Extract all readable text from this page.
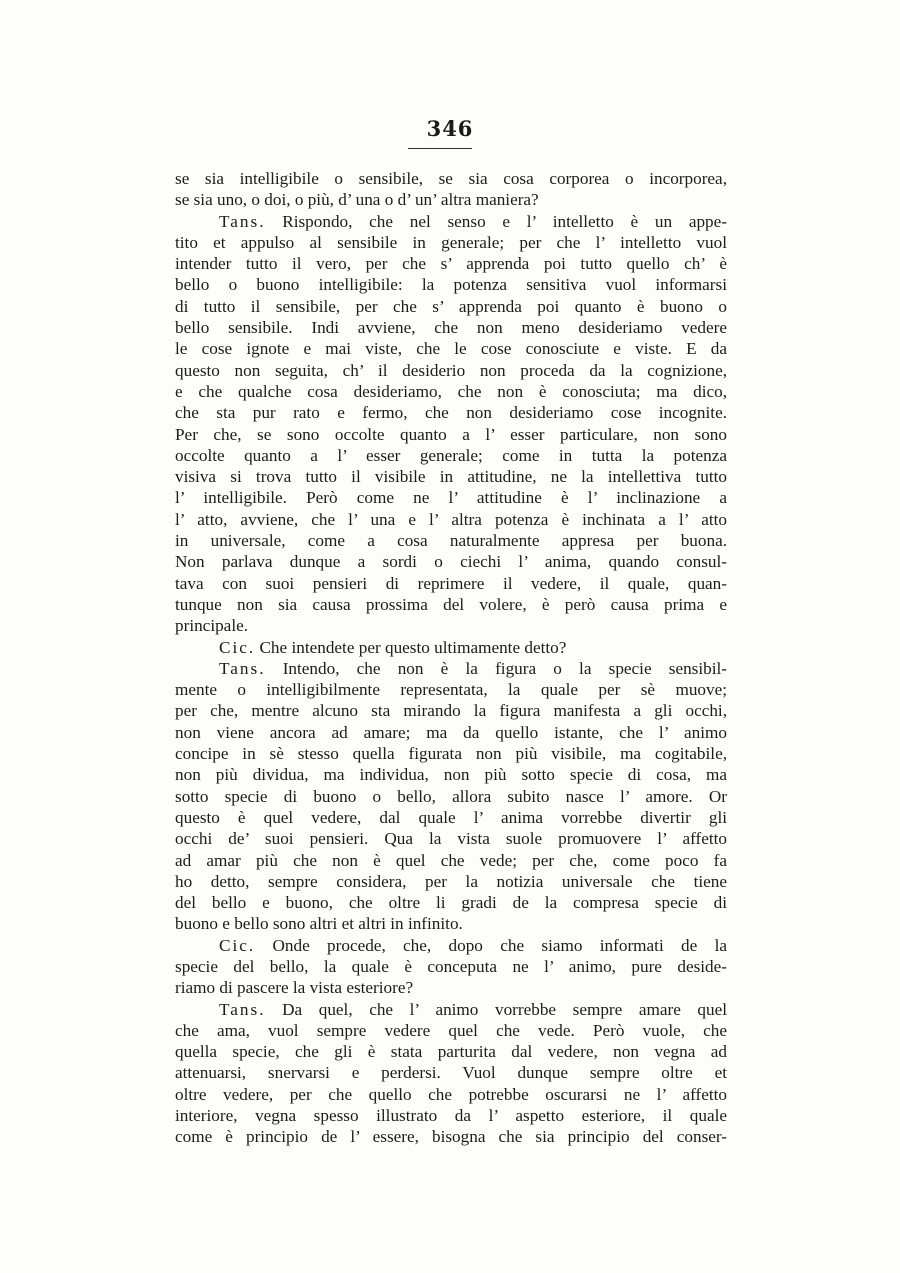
346
se sia intelligibile o sensibile, se sia cosa corporea o incorporea,
se sia uno, o doi, o più, d’ una o d’ un’ altra maniera?
Tans. Rispondo, che nel senso e l’ intelletto è un appe-
tito et appulso al sensibile in generale; per che l’ intelletto vuol
intender tutto il vero, per che s’ apprenda poi tutto quello ch’ è
bello o buono intelligibile: la potenza sensitiva vuol informarsi
di tutto il sensibile, per che s’ apprenda poi quanto è buono o
bello sensibile. Indi avviene, che non meno desideriamo vedere
le cose ignote e mai viste, che le cose conosciute e viste. E da
questo non seguita, ch’ il desiderio non proceda da la cognizione,
e che qualche cosa desideriamo, che non è conosciuta; ma dico,
che sta pur rato e fermo, che non desideriamo cose incognite.
Per che, se sono occolte quanto a l’ esser particulare, non sono
occolte quanto a l’ esser generale; come in tutta la potenza
visiva si trova tutto il visibile in attitudine, ne la intellettiva tutto
l’ intelligibile. Però come ne l’ attitudine è l’ inclinazione a
l’ atto, avviene, che l’ una e l’ altra potenza è inchinata a l’ atto
in universale, come a cosa naturalmente appresa per buona.
Non parlava dunque a sordi o ciechi l’ anima, quando consul-
tava con suoi pensieri di reprimere il vedere, il quale, quan-
tunque non sia causa prossima del volere, è però causa prima e
principale.
Cic. Che intendete per questo ultimamente detto?
Tans. Intendo, che non è la figura o la specie sensibil-
mente o intelligibilmente representata, la quale per sè muove;
per che, mentre alcuno sta mirando la figura manifesta a gli occhi,
non viene ancora ad amare; ma da quello istante, che l’ animo
concipe in sè stesso quella figurata non più visibile, ma cogitabile,
non più dividua, ma individua, non più sotto specie di cosa, ma
sotto specie di buono o bello, allora subito nasce l’ amore. Or
questo è quel vedere, dal quale l’ anima vorrebbe divertir gli
occhi de’ suoi pensieri. Qua la vista suole promuovere l’ affetto
ad amar più che non è quel che vede; per che, come poco fa
ho detto, sempre considera, per la notizia universale che tiene
del bello e buono, che oltre li gradi de la compresa specie di
buono e bello sono altri et altri in infinito.
Cic. Onde procede, che, dopo che siamo informati de la
specie del bello, la quale è conceputa ne l’ animo, pure deside-
riamo di pascere la vista esteriore?
Tans. Da quel, che l’ animo vorrebbe sempre amare quel
che ama, vuol sempre vedere quel che vede. Però vuole, che
quella specie, che gli è stata parturita dal vedere, non vegna ad
attenuarsi, snervarsi e perdersi. Vuol dunque sempre oltre et
oltre vedere, per che quello che potrebbe oscurarsi ne l’ affetto
interiore, vegna spesso illustrato da l’ aspetto esteriore, il quale
come è principio de l’ essere, bisogna che sia principio del conser-
